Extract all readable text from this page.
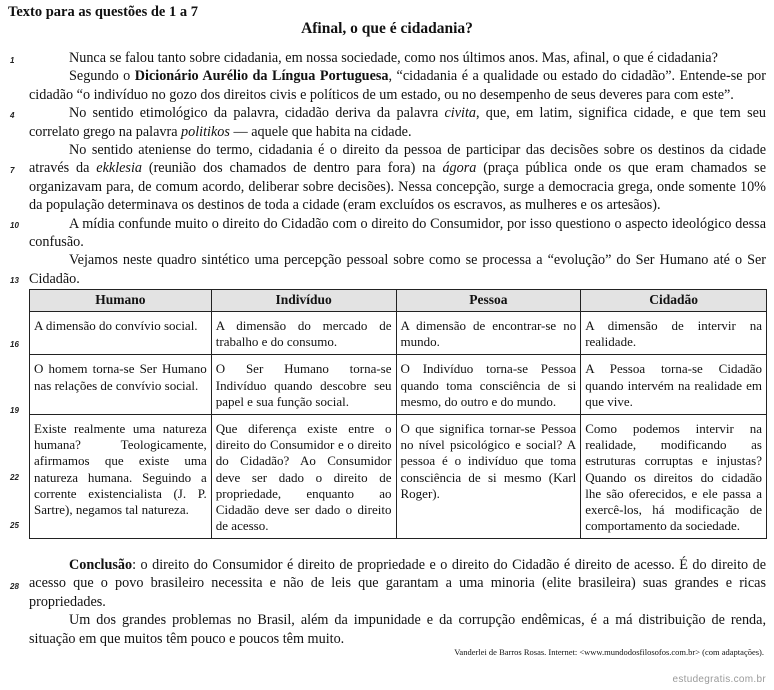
Texto para as questões de 1 a 7
Afinal, o que é cidadania?
1
4
7
10
13
16
19
22
25
28

Nunca se falou tanto sobre cidadania, em nossa sociedade, como nos últimos anos. Mas, afinal, o que é cidadania?

Segundo o Dicionário Aurélio da Língua Portuguesa, “cidadania é a qualidade ou estado do cidadão”. Entende-se por cidadão “o indivíduo no gozo dos direitos civis e políticos de um estado, ou no desempenho de seus deveres para com este”.

No sentido etimológico da palavra, cidadão deriva da palavra civita, que, em latim, significa cidade, e que tem seu correlato grego na palavra politikos — aquele que habita na cidade.

No sentido ateniense do termo, cidadania é o direito da pessoa de participar das decisões sobre os destinos da cidade através da ekklesia (reunião dos chamados de dentro para fora) na ágora (praça pública onde os que eram chamados se organizavam para, de comum acordo, deliberar sobre decisões). Nessa concepção, surge a democracia grega, onde somente 10% da população determinava os destinos de toda a cidade (eram excluídos os escravos, as mulheres e os artesãos).

A mídia confunde muito o direito do Cidadão com o direito do Consumidor, por isso questiono o aspecto ideológico dessa confusão.

Vejamos neste quadro sintético uma percepção pessoal sobre como se processa a “evolução” do Ser Humano até o Ser Cidadão.

Humano	Indivíduo	Pessoa	Cidadão
A dimensão do convívio social.	A dimensão do mercado de trabalho e do consumo.	A dimensão de encontrar-se no mundo.	A dimensão de intervir na realidade.
O homem torna-se Ser Humano nas relações de convívio social.	O Ser Humano torna-se Indivíduo quando descobre seu papel e sua função social.	O Indivíduo torna-se Pessoa quando toma consciência de si mesmo, do outro e do mundo.	A Pessoa torna-se Cidadão quando intervém na realidade em que vive.
Existe realmente uma natureza humana? Teologicamente, afirmamos que existe uma natureza humana. Seguindo a corrente existencialista (J. P. Sartre), negamos tal natureza.	Que diferença existe entre o direito do Consumidor e o direito do Cidadão? Ao Consumidor deve ser dado o direito de propriedade, enquanto ao Cidadão deve ser dado o direito de acesso.	O que significa tornar-se Pessoa no nível psicológico e social? A pessoa é o indivíduo que toma consciência de si mesmo (Karl Roger).	Como podemos intervir na realidade, modificando as estruturas corruptas e injustas? Quando os direitos do cidadão lhe são oferecidos, e ele passa a exercê-los, há modificação de comportamento da sociedade.

Conclusão: o direito do Consumidor é direito de propriedade e o direito do Cidadão é direito de acesso. É do direito de acesso que o povo brasileiro necessita e não de leis que garantam a uma minoria (elite brasileira) suas grandes e ricas propriedades.

Um dos grandes problemas no Brasil, além da impunidade e da corrupção endêmicas, é a má distribuição de renda, situação em que muitos têm pouco e poucos têm muito.

Vanderlei de Barros Rosas. Internet: <www.mundodosfilosofos.com.br> (com adaptações).
estudegratis.com.br
